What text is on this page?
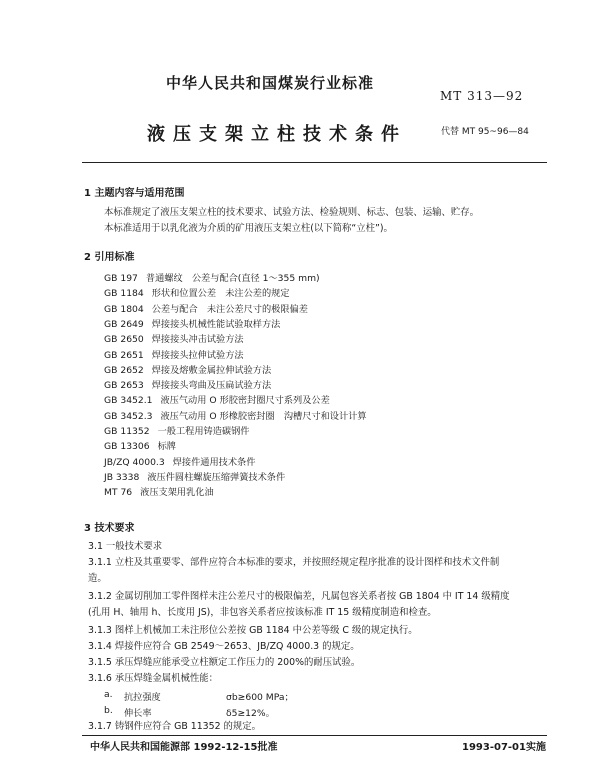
中华人民共和国煤炭行业标准
MT 313—92
液压支架立柱技术条件	代替 MT 95~96—84
1 主题内容与适用范围
本标准规定了液压支架立柱的技术要求、试验方法、检验规则、标志、包装、运输、贮存。
本标准适用于以乳化液为介质的矿用液压支架立柱(以下简称“立柱”)。
2 引用标准
GB 197 普通螺纹　公差与配合(直径 1～355 mm)
GB 1184 形状和位置公差　未注公差的规定
GB 1804 公差与配合　未注公差尺寸的极限偏差
GB 2649 焊接接头机械性能试验取样方法
GB 2650 焊接接头冲击试验方法
GB 2651 焊接接头拉伸试验方法
GB 2652 焊接及熔敷金属拉伸试验方法
GB 2653 焊接接头弯曲及压扁试验方法
GB 3452.1 液压气动用 O 形胶密封圈尺寸系列及公差
GB 3452.3 液压气动用 O 形橡胶密封圈　沟槽尺寸和设计计算
GB 11352 一般工程用铸造碳钢件
GB 13306 标牌
JB/ZQ 4000.3 焊接件通用技术条件
JB 3338 液压件圆柱螺旋压缩弹簧技术条件
MT 76 液压支架用乳化油
3 技术要求
3.1 一般技术要求
3.1.1 立柱及其重要零、部件应符合本标准的要求，并按照经规定程序批准的设计图样和技术文件制
造。
3.1.2 金属切削加工零件图样未注公差尺寸的极限偏差，凡属包容关系者按 GB 1804 中 IT 14 级精度
(孔用 H、轴用 h、长度用 JS)，非包容关系者应按该标准 IT 15 级精度制造和检查。
3.1.3 图样上机械加工未注形位公差按 GB 1184 中公差等级 C 级的规定执行。
3.1.4 焊接件应符合 GB 2549～2653、JB/ZQ 4000.3 的规定。
3.1.5 承压焊缝应能承受立柱额定工作压力的 200%的耐压试验。
3.1.6 承压焊缝金属机械性能：
a. 抗拉强度	σb≥600 MPa；
b. 伸长率	δ5≥12%。
3.1.7 铸钢件应符合 GB 11352 的规定。
中华人民共和国能源部 1992-12-15批准	1993-07-01实施
